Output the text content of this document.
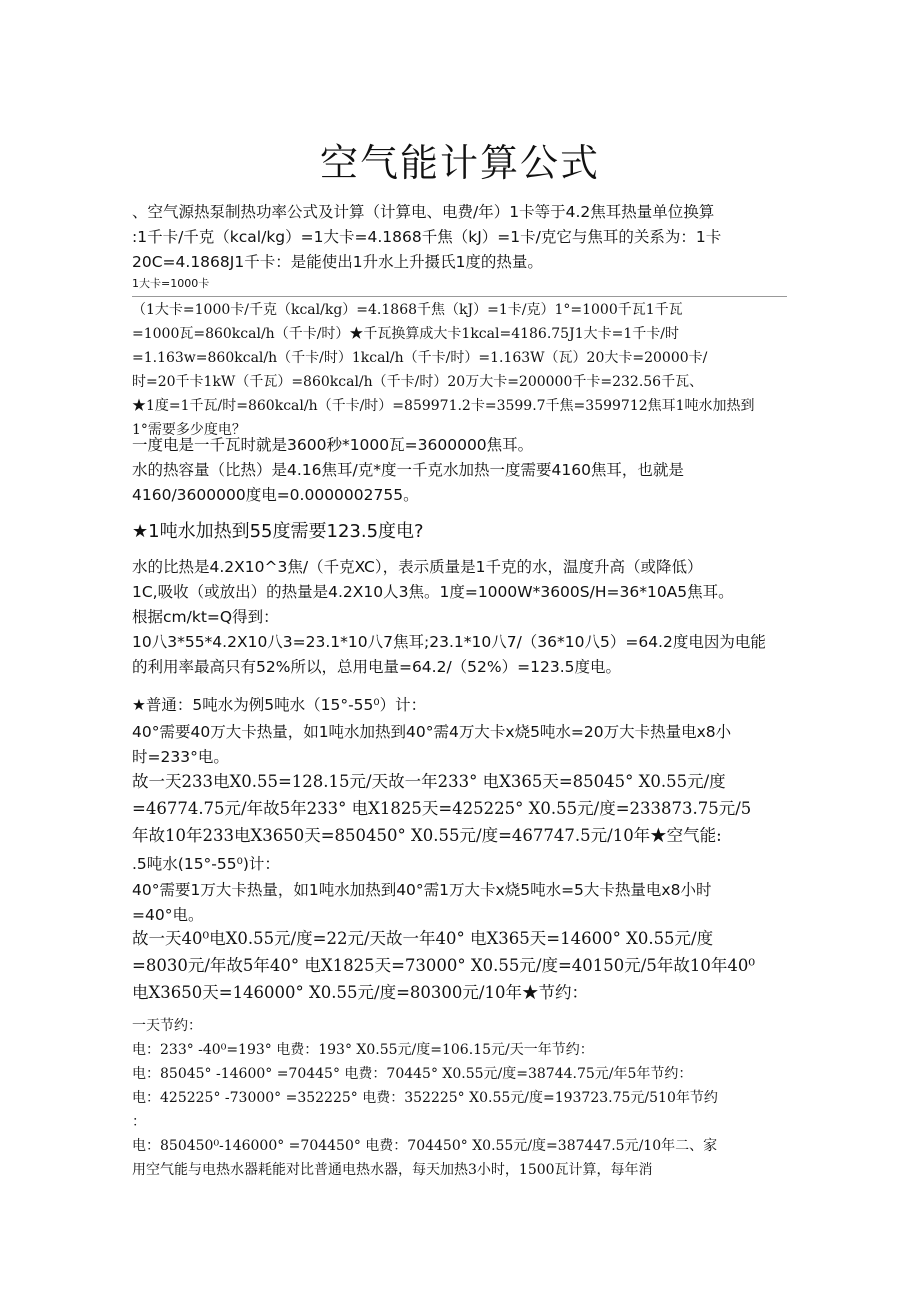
空气能计算公式
、空气源热泵制热功率公式及计算（计算电、电费/年）1卡等于4.2焦耳热量单位换算
:1千卡/千克（kcal/kg）=1大卡=4.1868千焦（kJ）=1卡/克它与焦耳的关系为：1卡
20C=4.1868J1千卡：是能使出1升水上升摄氏1度的热量。
1大卡=1000卡
（1大卡=1000卡/千克（kcal/kg）=4.1868千焦（kJ）=1卡/克）1°=1000千瓦1千瓦
=1000瓦=860kcal/h（千卡/时）★千瓦换算成大卡1kcal=4186.75J1大卡=1千卡/时
=1.163w=860kcal/h（千卡/时）1kcal/h（千卡/时）=1.163W（瓦）20大卡=20000卡/
时=20千卡1kW（千瓦）=860kcal/h（千卡/时）20万大卡=200000千卡=232.56千瓦、
★1度=1千瓦/时=860kcal/h（千卡/时）=859971.2卡=3599.7千焦=3599712焦耳1吨水加热到
1°需要多少度电？
一度电是一千瓦时就是3600秒*1000瓦=3600000焦耳。
水的热容量（比热）是4.16焦耳/克*度一千克水加热一度需要4160焦耳，也就是
4160/3600000度电=0.0000002755。
★1吨水加热到55度需要123.5度电?
水的比热是4.2X10^3焦/（千克XC），表示质量是1千克的水，温度升高（或降低）
1C,吸收（或放出）的热量是4.2X10人3焦。1度=1000W*3600S/H=36*10A5焦耳。
根据cm/kt=Q得到：
10八3*55*4.2X10八3=23.1*10八7焦耳;23.1*10八7/（36*10八5）=64.2度电因为电能
的利用率最高只有52%所以，总用电量=64.2/（52%）=123.5度电。
★普通：5吨水为例5吨水（15°-55⁰）计：
40°需要40万大卡热量，如1吨水加热到40°需4万大卡x烧5吨水=20万大卡热量电x8小
时=233°电。
故一天233电X0.55=128.15元/天故一年233° 电X365天=85045° X0.55元/度
=46774.75元/年故5年233° 电X1825天=425225° X0.55元/度=233873.75元/5
年故10年233电X3650天=850450° X0.55元/度=467747.5元/10年★空气能:
.5吨水(15°-55⁰)计：
40°需要1万大卡热量，如1吨水加热到40°需1万大卡x烧5吨水=5大卡热量电x8小时
=40°电。
故一天40⁰电X0.55元/度=22元/天故一年40° 电X365天=14600° X0.55元/度
=8030元/年故5年40° 电X1825天=73000° X0.55元/度=40150元/5年故10年40⁰
电X3650天=146000° X0.55元/度=80300元/10年★节约：
一天节约：
电：233° -40⁰=193° 电费：193° X0.55元/度=106.15元/天一年节约：
电：85045° -14600° =70445° 电费：70445° X0.55元/度=38744.75元/年5年节约：
电：425225° -73000° =352225° 电费：352225° X0.55元/度=193723.75元/510年节约
：
电：850450⁰-146000° =704450° 电费：704450° X0.55元/度=387447.5元/10年二、家
用空气能与电热水器耗能对比普通电热水器，每天加热3小时，1500瓦计算，每年消
